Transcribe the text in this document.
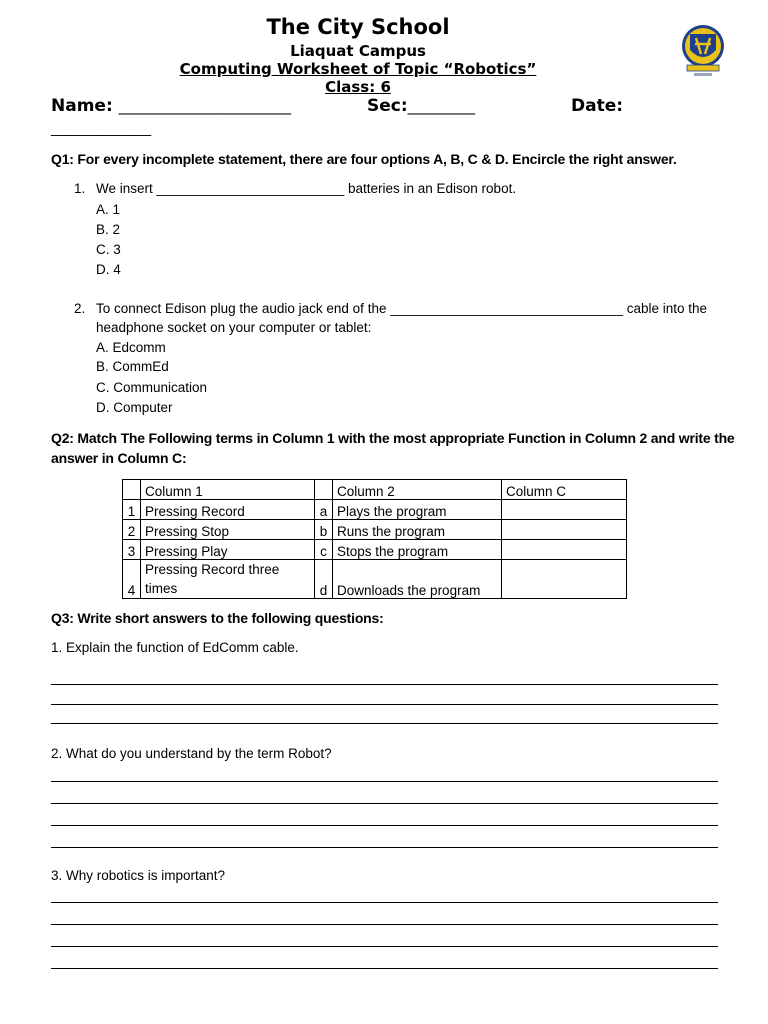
The City School
Liaquat Campus
Computing Worksheet of Topic “Robotics”
Class: 6
Name: _______________________	Sec:_________	Date:
____________
Q1: For every incomplete statement, there are four options A, B, C & D. Encircle the right answer.
1. We insert _________________________ batteries in an Edison robot.
A. 1
B. 2
C. 3
D. 4
2. To connect Edison plug the audio jack end of the _______________________________ cable into the
headphone socket on your computer or tablet:
A. Edcomm
B. CommEd
C. Communication
D. Computer
Q2: Match The Following terms in Column 1 with the most appropriate Function in Column 2 and write the
answer in Column C:
	Column 1		Column 2	Column C
1	Pressing Record	a	Plays the program	
2	Pressing Stop	b	Runs the program	
3	Pressing Play	c	Stops the program	
4	Pressing Record three times	d	Downloads the program	
Q3: Write short answers to the following questions:
1. Explain the function of EdComm cable.
2. What do you understand by the term Robot?
3. Why robotics is important?
